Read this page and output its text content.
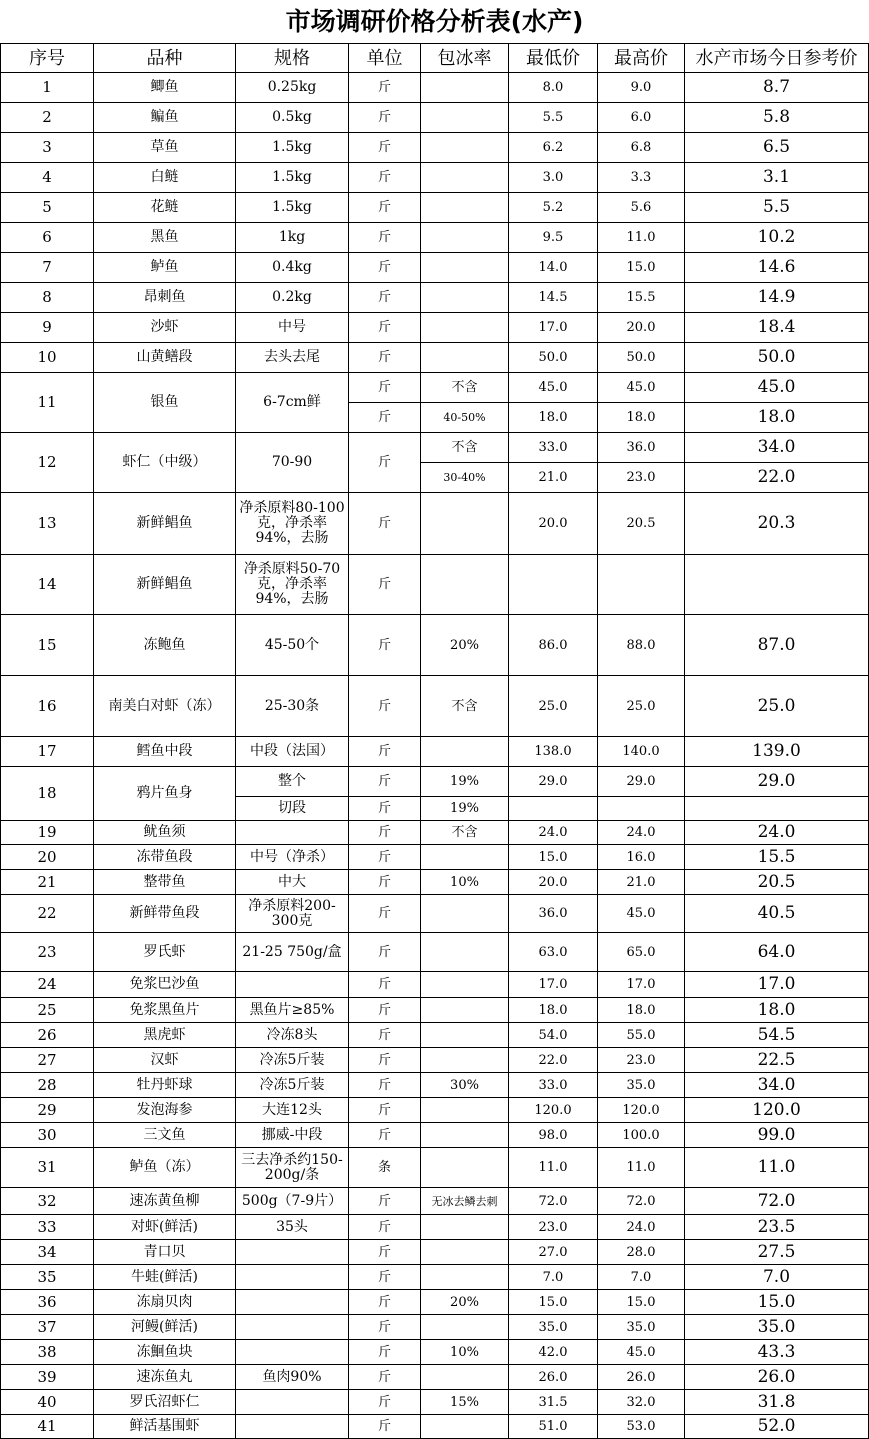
市场调研价格分析表(水产)
序号	品种	规格	单位	包冰率	最低价	最高价	水产市场今日参考价
1	鲫鱼	0.25kg	斤		8.0	9.0	8.7
2	鳊鱼	0.5kg	斤		5.5	6.0	5.8
3	草鱼	1.5kg	斤		6.2	6.8	6.5
4	白鲢	1.5kg	斤		3.0	3.3	3.1
5	花鲢	1.5kg	斤		5.2	5.6	5.5
6	黑鱼	1kg	斤		9.5	11.0	10.2
7	鲈鱼	0.4kg	斤		14.0	15.0	14.6
8	昂刺鱼	0.2kg	斤		14.5	15.5	14.9
9	沙虾	中号	斤		17.0	20.0	18.4
10	山黄鳝段	去头去尾	斤		50.0	50.0	50.0
11	银鱼	6-7cm鲜	斤	不含	45.0	45.0	45.0
			斤	40-50%	18.0	18.0	18.0
12	虾仁（中级）	70-90	斤	不含	33.0	36.0	34.0
				30-40%	21.0	23.0	22.0
13	新鲜鲳鱼	净杀原料80-100克，净杀率94%，去肠	斤		20.0	20.5	20.3
14	新鲜鲳鱼	净杀原料50-70克，净杀率94%，去肠	斤				
15	冻鲍鱼	45-50个	斤	20%	86.0	88.0	87.0
16	南美白对虾（冻）	25-30条	斤	不含	25.0	25.0	25.0
17	鳕鱼中段	中段（法国）	斤		138.0	140.0	139.0
18	鸦片鱼身	整个	斤	19%	29.0	29.0	29.0
		切段	斤	19%			
19	鱿鱼须		斤	不含	24.0	24.0	24.0
20	冻带鱼段	中号（净杀）	斤		15.0	16.0	15.5
21	整带鱼	中大	斤	10%	20.0	21.0	20.5
22	新鲜带鱼段	净杀原料200-300克	斤		36.0	45.0	40.5
23	罗氏虾	21-25 750g/盒	斤		63.0	65.0	64.0
24	免浆巴沙鱼		斤		17.0	17.0	17.0
25	免浆黑鱼片	黑鱼片≥85%	斤		18.0	18.0	18.0
26	黑虎虾	冷冻8头	斤		54.0	55.0	54.5
27	汉虾	冷冻5斤装	斤		22.0	23.0	22.5
28	牡丹虾球	冷冻5斤装	斤	30%	33.0	35.0	34.0
29	发泡海参	大连12头	斤		120.0	120.0	120.0
30	三文鱼	挪威-中段	斤		98.0	100.0	99.0
31	鲈鱼（冻）	三去净杀约150-200g/条	条		11.0	11.0	11.0
32	速冻黄鱼柳	500g（7-9片）	斤	无冰去鳞去刺	72.0	72.0	72.0
33	对虾(鲜活)	35头	斤		23.0	24.0	23.5
34	青口贝		斤		27.0	28.0	27.5
35	牛蛙(鲜活)		斤		7.0	7.0	7.0
36	冻扇贝肉		斤	20%	15.0	15.0	15.0
37	河鳗(鲜活)		斤		35.0	35.0	35.0
38	冻鮰鱼块		斤	10%	42.0	45.0	43.3
39	速冻鱼丸	鱼肉90%	斤		26.0	26.0	26.0
40	罗氏沼虾仁		斤	15%	31.5	32.0	31.8
41	鲜活基围虾		斤		51.0	53.0	52.0
